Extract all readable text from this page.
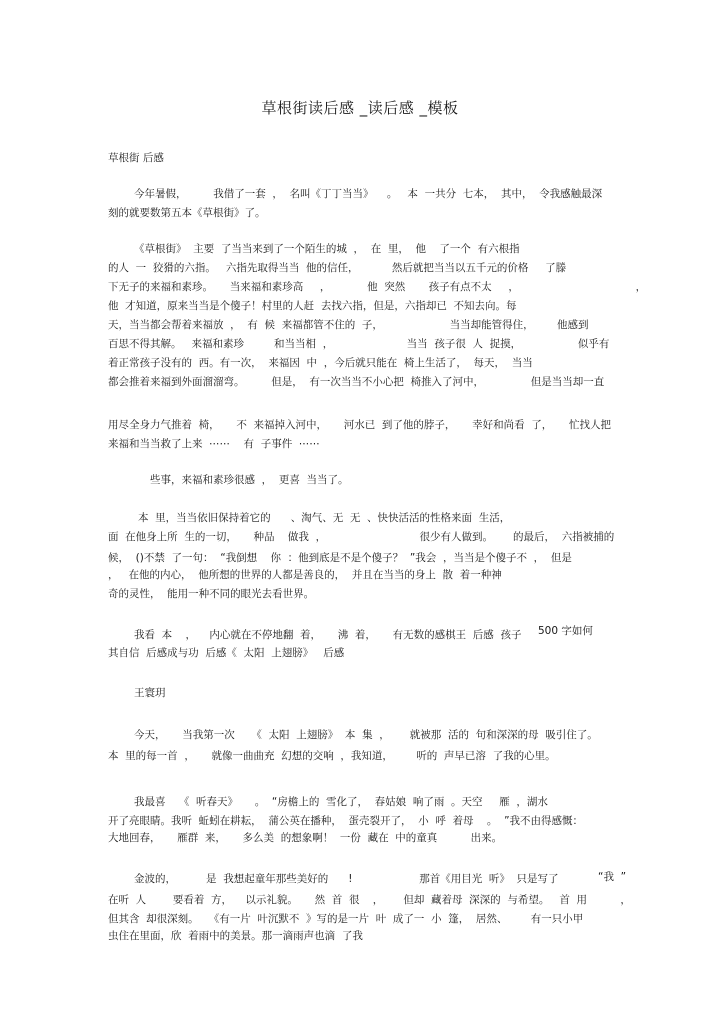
草根街读后感 _读后感 _模板

草根街 后感

今年暑假，        我借了一套  ，  名叫《丁丁当当》    。   本  一共分  七本，  其中，  令我感触最深

刻的就要数第五本《草根街》了。

《草根街》  主要  了当当来到了一个陌生的城  ，  在  里，  他    了一个  有六根指

的人  一  狡猾的六指。   六指先取得当当  他的信任，          然后就把当当以五千元的价格     了滕

下无子的来福和素珍。     当来福和素珍高     ，           他  突然       孩子有点不太     ，                                   ，

他  才知道，原来当当是个傻子！村里的人赶  去找六指，但是，六指却已  不知去向。每

天，当当都会帮着来福放  ，  有  候  来福都管不住的  子，                    当当却能管得住，       他感到

百思不得其解。   来福和素珍         和当当相  ，                      当当  孩子很  人  捉摸，                 似乎有

着正常孩子没有的  西。有一次，  来福因  中  ，今后就只能在  椅上生活了，  每天，  当当

都会推着来福到外面溜溜弯。        但是，  有一次当当不小心把  椅推入了河中，              但是当当却一直

用尽全身力气推着  椅，     不  来福掉入河中，     河水已  到了他的脖子，     幸好和尚看  了，     忙找人把

来福和当当救了上来  ⋯⋯    有  子事件  ⋯⋯

些事，来福和素珍很感  ，  更喜  当当了。

本  里，当当依旧保持着它的      、淘气、无  无  、快快活活的性格来面  生活，

面  在他身上所  生的一切，     种品    做我  ，                            很少有人做到。      的最后，  六指被捕的

候，  ()不禁  了一句：  “我倒想    你  ：他到底是不是个傻子？  ”我会  ，当当是个傻子不  ，  但是

，   在他的内心，  他所想的世界的人都是善良的，  并且在当当的身上  散  着一种神

奇的灵性，  能用一种不同的眼光去看世界。

我看  本    ，    内心就在不停地翻  着，     沸  着，     有无数的感棋王  后感  孩子 500 字如何

其自信  后感成与功  后感《  太阳  上翅膀》   后感

王寰玥

今天，     当我第一次     《  太阳  上翅膀》  本  集  ，      就被那  活的  句和深深的母  吸引住了。

本  里的每一首  ，     就像一曲曲充  幻想的交响  ，我知道，       听的  声早已溶  了我的心里。

我最喜    《  听春天》     。  “房檐上的  雪化了，  春姑娘  响了雨  。天空     雁  ，湖水

开了亮眼睛。我听  蚯蚓在耕耘，  蒲公英在播种，  蛋壳裂开了，  小  呼  着母    。  ”我不由得感慨：

大地回春，     雁群  来，     多么美  的想象啊！  一份  藏在  中的童真          出来。

金波的，         是  我想起童年那些美好的      !                    那首《用目光  听》  只是写了	“我  ”

在听  人        要看着  方，    以示礼貌。     然  首  很    ，      但却  藏着母  深深的  与希望。   首  用          ，

但其含  却很深刻。   《有一片  叶沉默不  》写的是一片  叶  成了一  小  篷，  居然、       有一只小甲

虫住在里面，欣  着雨中的美景。那一滴雨声也滴  了我
